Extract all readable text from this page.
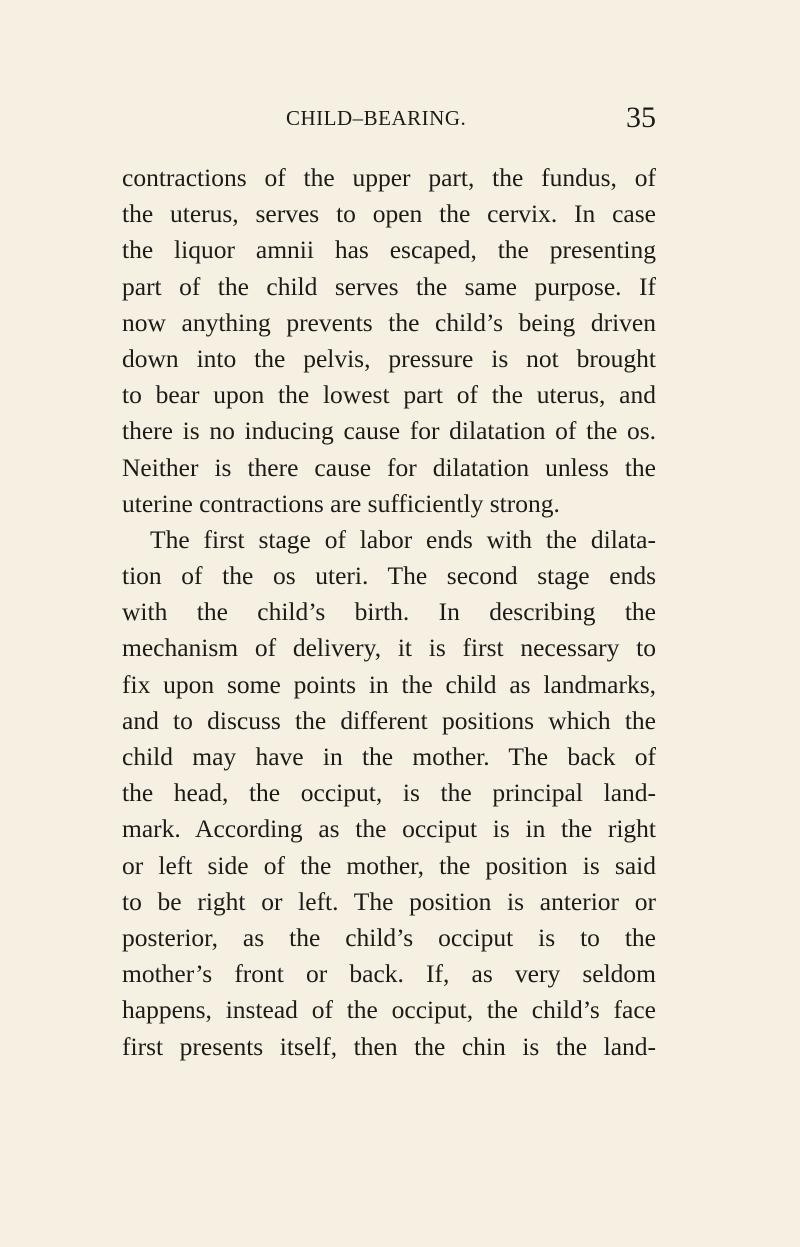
CHILD–BEARING.	35
contractions of the upper part, the fundus, of
the uterus, serves to open the cervix. In case
the liquor amnii has escaped, the presenting
part of the child serves the same purpose. If
now anything prevents the child’s being driven
down into the pelvis, pressure is not brought
to bear upon the lowest part of the uterus, and
there is no inducing cause for dilatation of the os.
Neither is there cause for dilatation unless the
uterine contractions are sufficiently strong.
The first stage of labor ends with the dilata-
tion of the os uteri. The second stage ends
with the child’s birth. In describing the
mechanism of delivery, it is first necessary to
fix upon some points in the child as landmarks,
and to discuss the different positions which the
child may have in the mother. The back of
the head, the occiput, is the principal land-
mark. According as the occiput is in the right
or left side of the mother, the position is said
to be right or left. The position is anterior or
posterior, as the child’s occiput is to the
mother’s front or back. If, as very seldom
happens, instead of the occiput, the child’s face
first presents itself, then the chin is the land-
